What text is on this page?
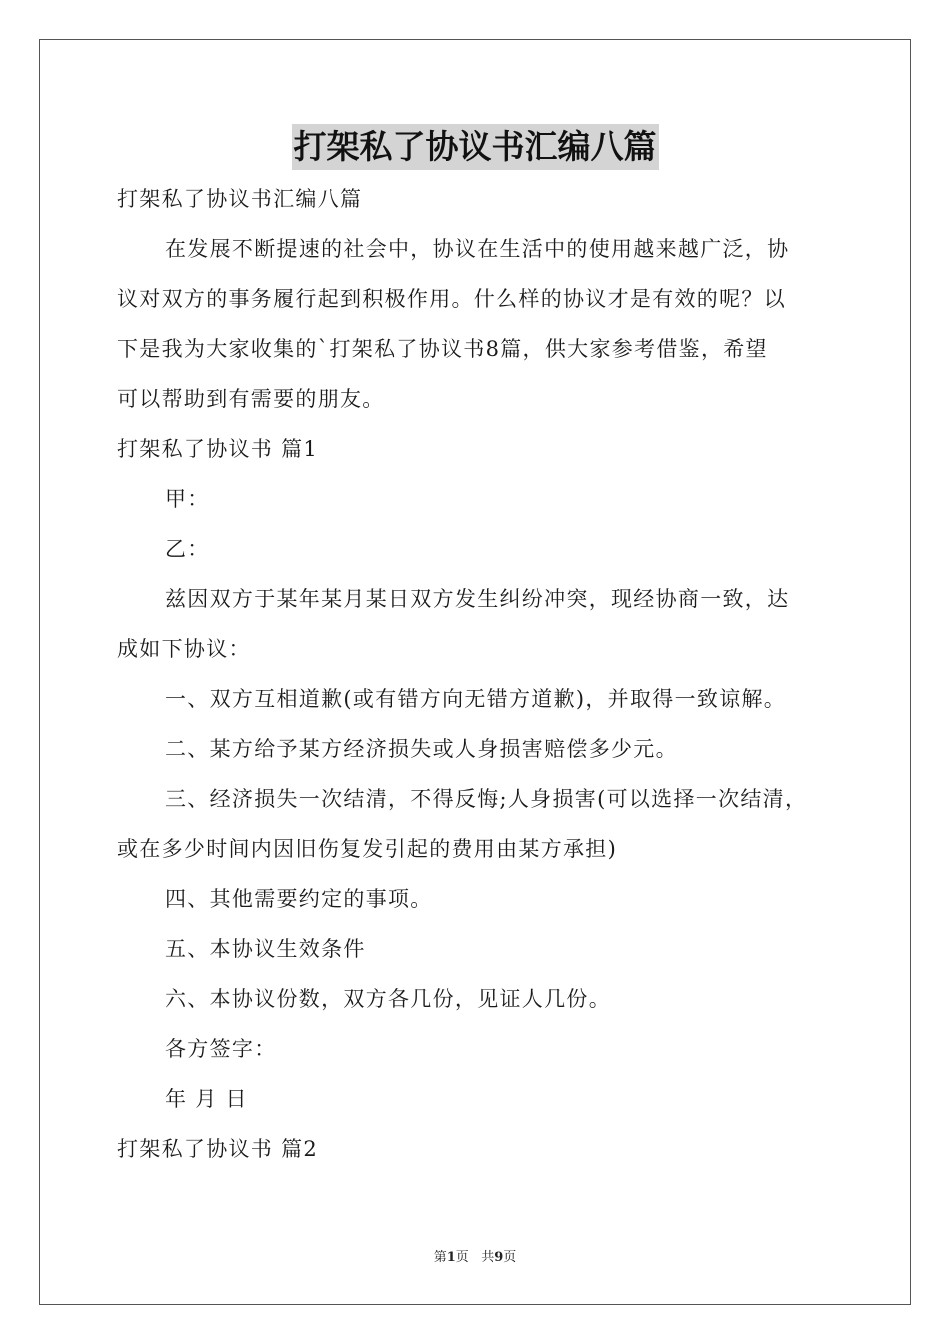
打架私了协议书汇编八篇
打架私了协议书汇编八篇
在发展不断提速的社会中，协议在生活中的使用越来越广泛，协
议对双方的事务履行起到积极作用。什么样的协议才是有效的呢？以
下是我为大家收集的`打架私了协议书8篇，供大家参考借鉴，希望
可以帮助到有需要的朋友。
打架私了协议书 篇1
甲：
乙：
兹因双方于某年某月某日双方发生纠纷冲突，现经协商一致，达
成如下协议：
一、双方互相道歉(或有错方向无错方道歉)，并取得一致谅解。
二、某方给予某方经济损失或人身损害赔偿多少元。
三、经济损失一次结清，不得反悔;人身损害(可以选择一次结清，
或在多少时间内因旧伤复发引起的费用由某方承担)
四、其他需要约定的事项。
五、本协议生效条件
六、本协议份数，双方各几份，见证人几份。
各方签字：
年 月 日
打架私了协议书 篇2
第1页 共9页
